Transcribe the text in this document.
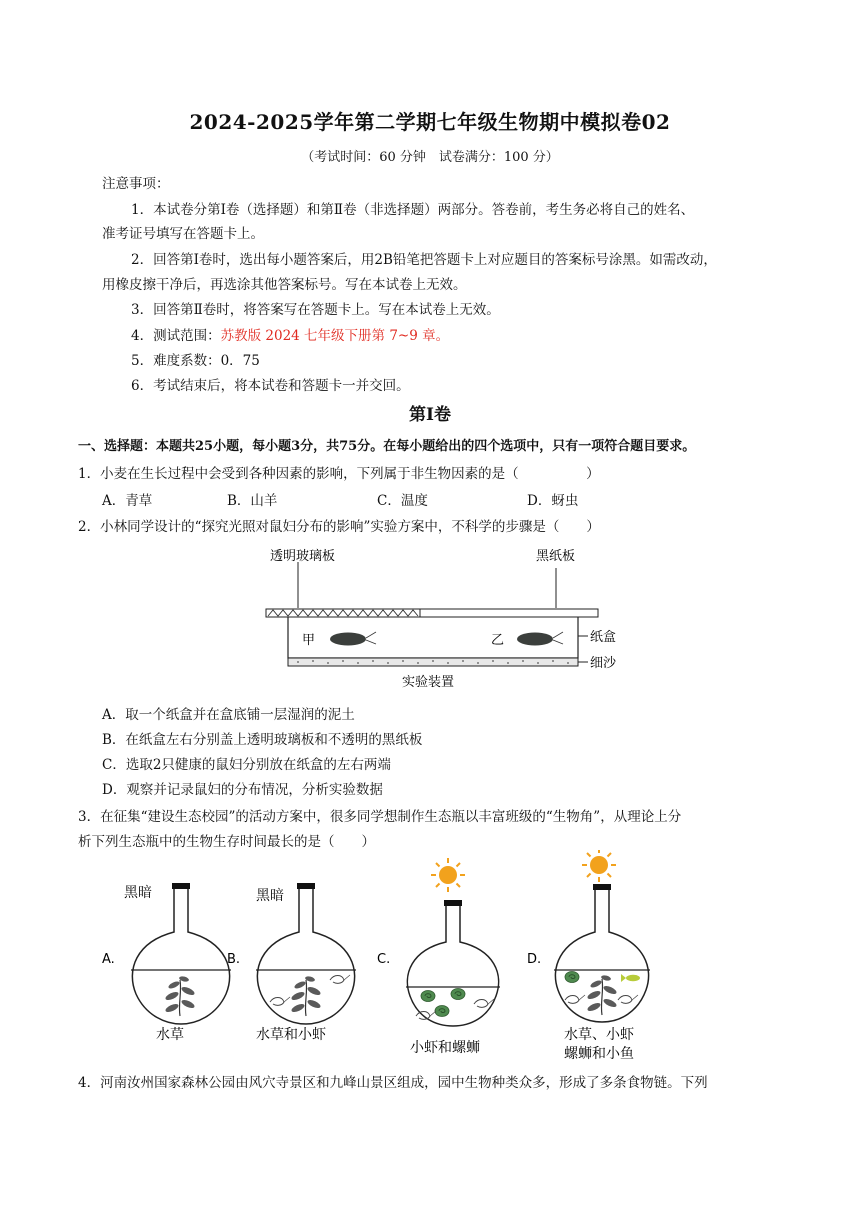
2024-2025学年第二学期七年级生物期中模拟卷02
（考试时间：60 分钟　试卷满分：100 分）
注意事项：
1．本试卷分第Ⅰ卷（选择题）和第Ⅱ卷（非选择题）两部分。答卷前，考生务必将自己的姓名、
准考证号填写在答题卡上。
2．回答第Ⅰ卷时，选出每小题答案后，用2B铅笔把答题卡上对应题目的答案标号涂黑。如需改动，
用橡皮擦干净后，再选涂其他答案标号。写在本试卷上无效。
3．回答第Ⅱ卷时，将答案写在答题卡上。写在本试卷上无效。
4．测试范围：苏教版 2024 七年级下册第 7~9 章。
5．难度系数：0．75
6．考试结束后，将本试卷和答题卡一并交回。
第Ⅰ卷
一、选择题：本题共25小题，每小题3分，共75分。在每小题给出的四个选项中，只有一项符合题目要求。
1．小麦在生长过程中会受到各种因素的影响，下列属于非生物因素的是（　　　　　）
A．青草	B．山羊	C．温度	D．蚜虫
2．小林同学设计的“探究光照对鼠妇分布的影响”实验方案中，不科学的步骤是（　　）
透明玻璃板	黑纸板
甲	乙	纸盒
细沙
实验装置
A．取一个纸盒并在盒底铺一层湿润的泥土
B．在纸盒左右分别盖上透明玻璃板和不透明的黑纸板
C．选取2只健康的鼠妇分别放在纸盒的左右两端
D．观察并记录鼠妇的分布情况，分析实验数据
3．在征集“建设生态校园”的活动方案中，很多同学想制作生态瓶以丰富班级的“生物角”，从理论上分
析下列生态瓶中的生物生存时间最长的是（　　）
A.
黑暗
水草
B.
黑暗
水草和小虾
C.
小虾和螺蛳
D.
水草、小虾
螺蛳和小鱼
4．河南汝州国家森林公园由风穴寺景区和九峰山景区组成，园中生物种类众多，形成了多条食物链。下列
